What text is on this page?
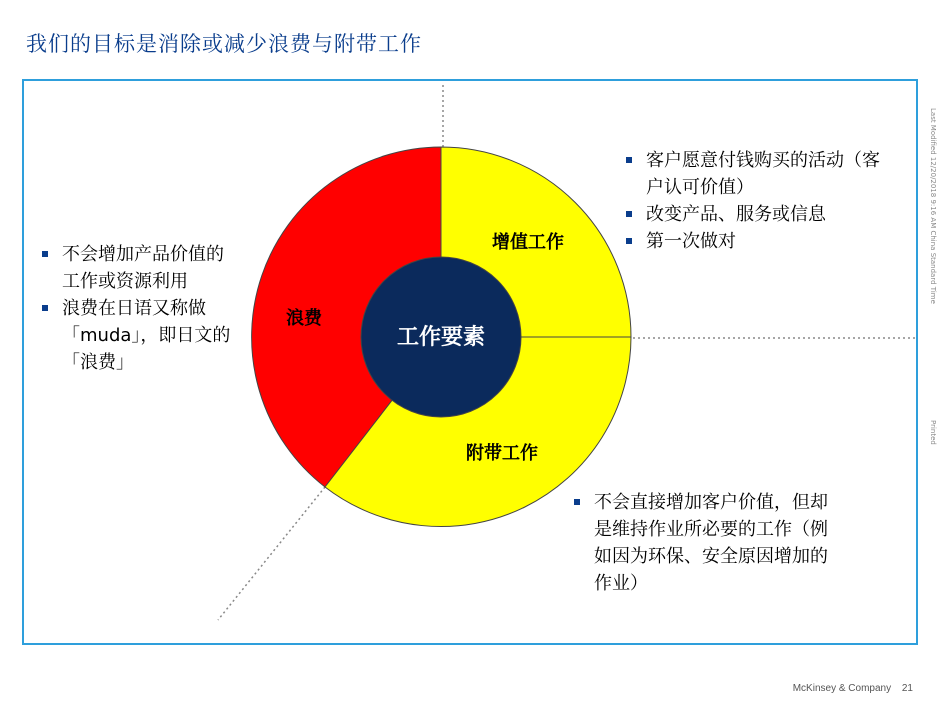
我们的目标是消除或减少浪费与附带工作
工作要素
增值工作
浪费
附带工作
不会增加产品价值的工作或资源利用
浪费在日语又称做「muda」，即日文的「浪费」
客户愿意付钱购买的活动（客户认可价值）
改变产品、服务或信息
第一次做对
不会直接增加客户价值，但却是维持作业所必要的工作（例如因为环保、安全原因增加的作业）
Last Modified 12/20/2018 9:16 AM China Standard Time
Printed
McKinsey & Company 21
